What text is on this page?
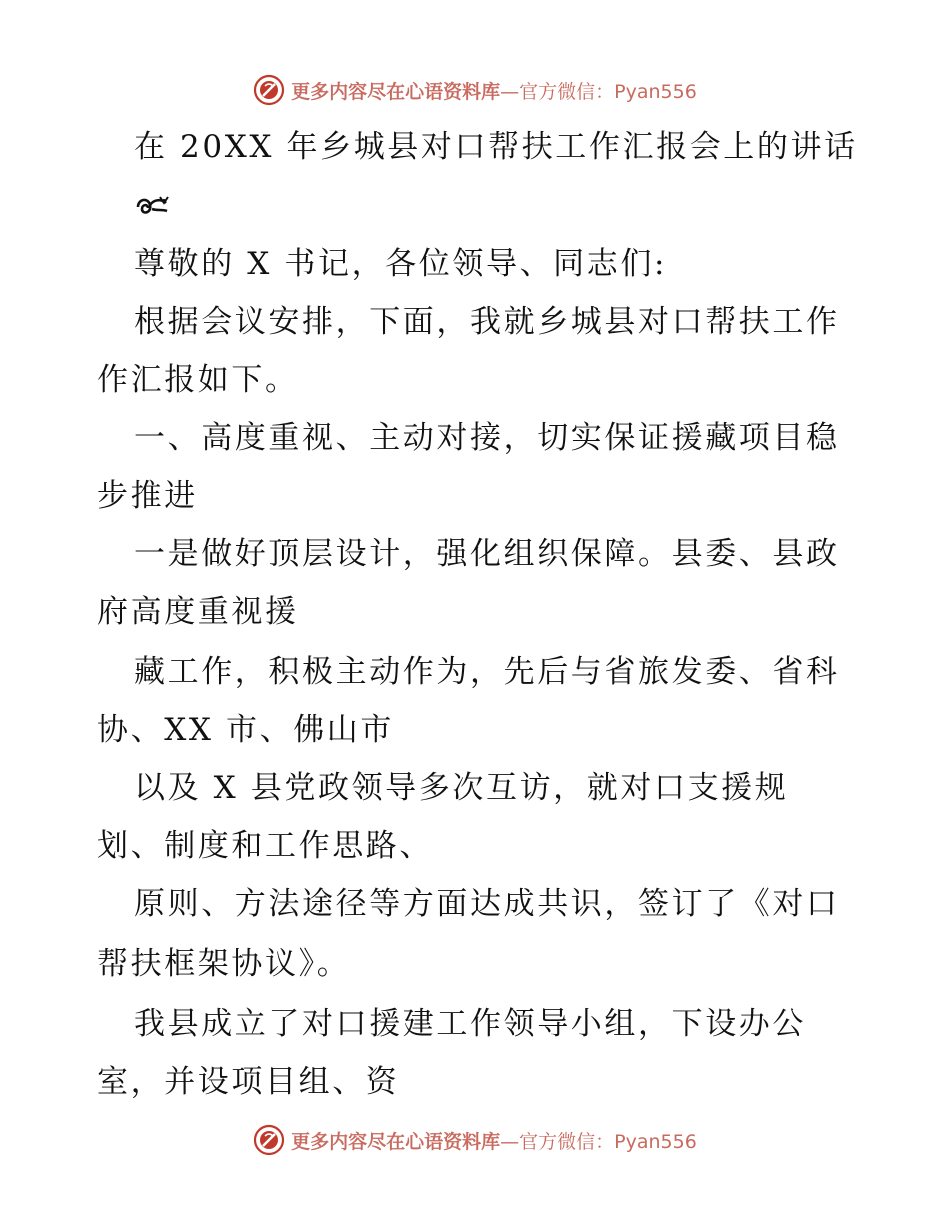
更多内容尽在心语资料库 —官方微信：Pyan556
在 20XX 年乡城县对口帮扶工作汇报会上的讲话
尊敬的 X 书记，各位领导、同志们:
根据会议安排，下面，我就乡城县对口帮扶工作
作汇报如下。
一、高度重视、主动对接，切实保证援藏项目稳
步推进
一是做好顶层设计，强化组织保障。县委、县政
府高度重视援
藏工作，积极主动作为，先后与省旅发委、省科
协、XX 市、佛山市
以及 X 县党政领导多次互访，就对口支援规
划、制度和工作思路、
原则、方法途径等方面达成共识，签订了《对口
帮扶框架协议》。
我县成立了对口援建工作领导小组，下设办公
室，并设项目组、资
更多内容尽在心语资料库 —官方微信：Pyan556
